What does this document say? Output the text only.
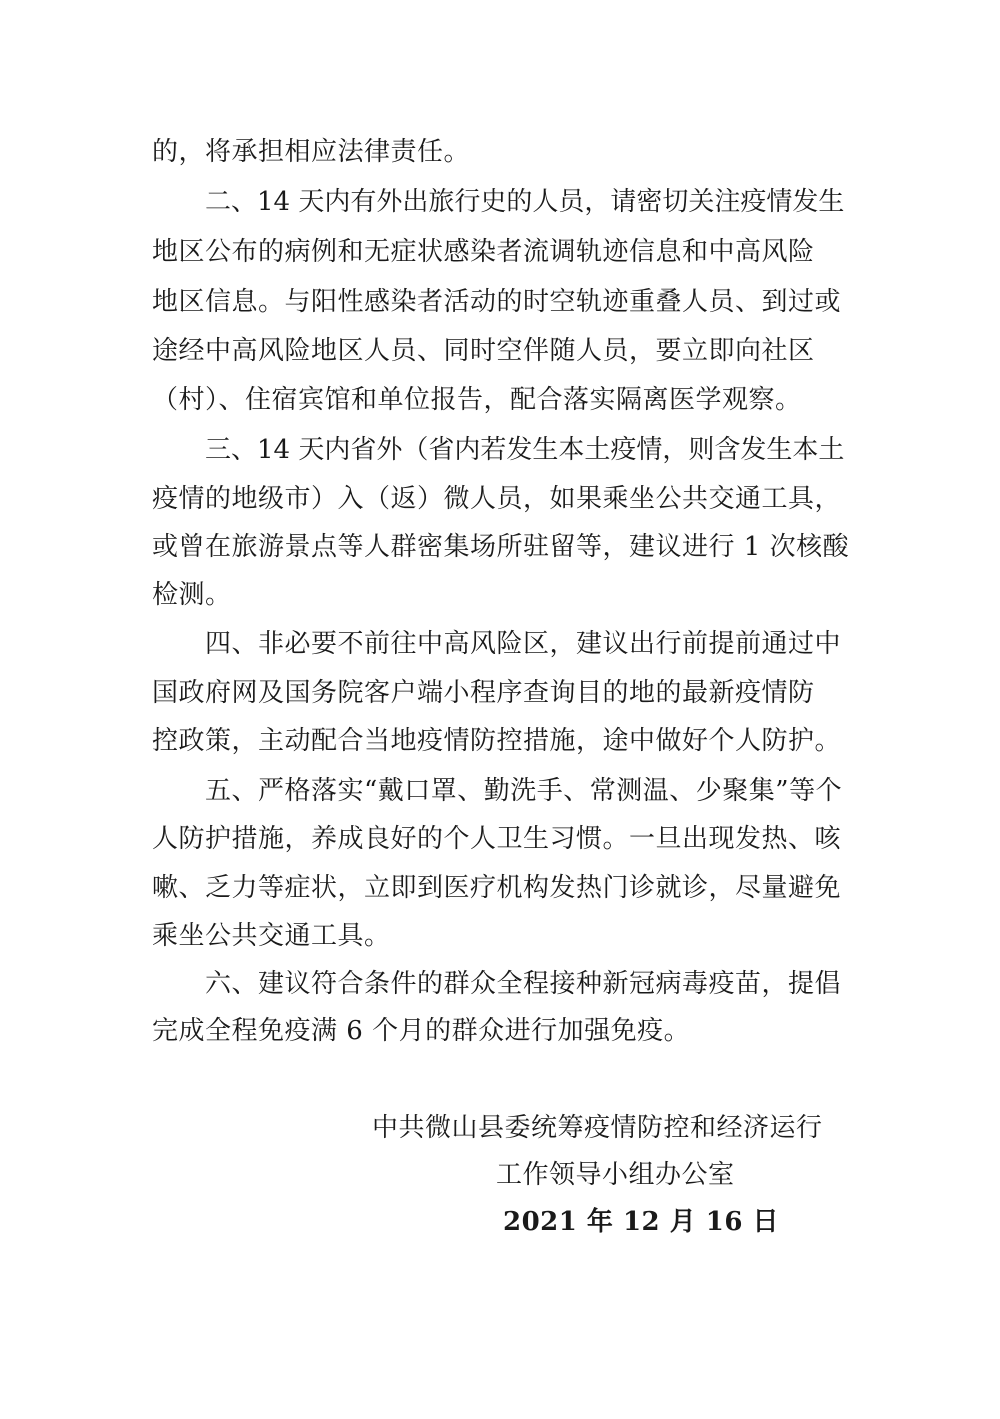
的，将承担相应法律责任。
二、14 天内有外出旅行史的人员，请密切关注疫情发生
地区公布的病例和无症状感染者流调轨迹信息和中高风险
地区信息。与阳性感染者活动的时空轨迹重叠人员、到过或
途经中高风险地区人员、同时空伴随人员，要立即向社区
（村）、住宿宾馆和单位报告，配合落实隔离医学观察。
三、14 天内省外（省内若发生本土疫情，则含发生本土
疫情的地级市）入（返）微人员，如果乘坐公共交通工具，
或曾在旅游景点等人群密集场所驻留等，建议进行 1 次核酸
检测。
四、非必要不前往中高风险区，建议出行前提前通过中
国政府网及国务院客户端小程序查询目的地的最新疫情防
控政策，主动配合当地疫情防控措施，途中做好个人防护。
五、严格落实“戴口罩、勤洗手、常测温、少聚集”等个
人防护措施，养成良好的个人卫生习惯。一旦出现发热、咳
嗽、乏力等症状，立即到医疗机构发热门诊就诊，尽量避免
乘坐公共交通工具。
六、建议符合条件的群众全程接种新冠病毒疫苗，提倡
完成全程免疫满 6 个月的群众进行加强免疫。
中共微山县委统筹疫情防控和经济运行
工作领导小组办公室
2021 年 12 月 16 日
